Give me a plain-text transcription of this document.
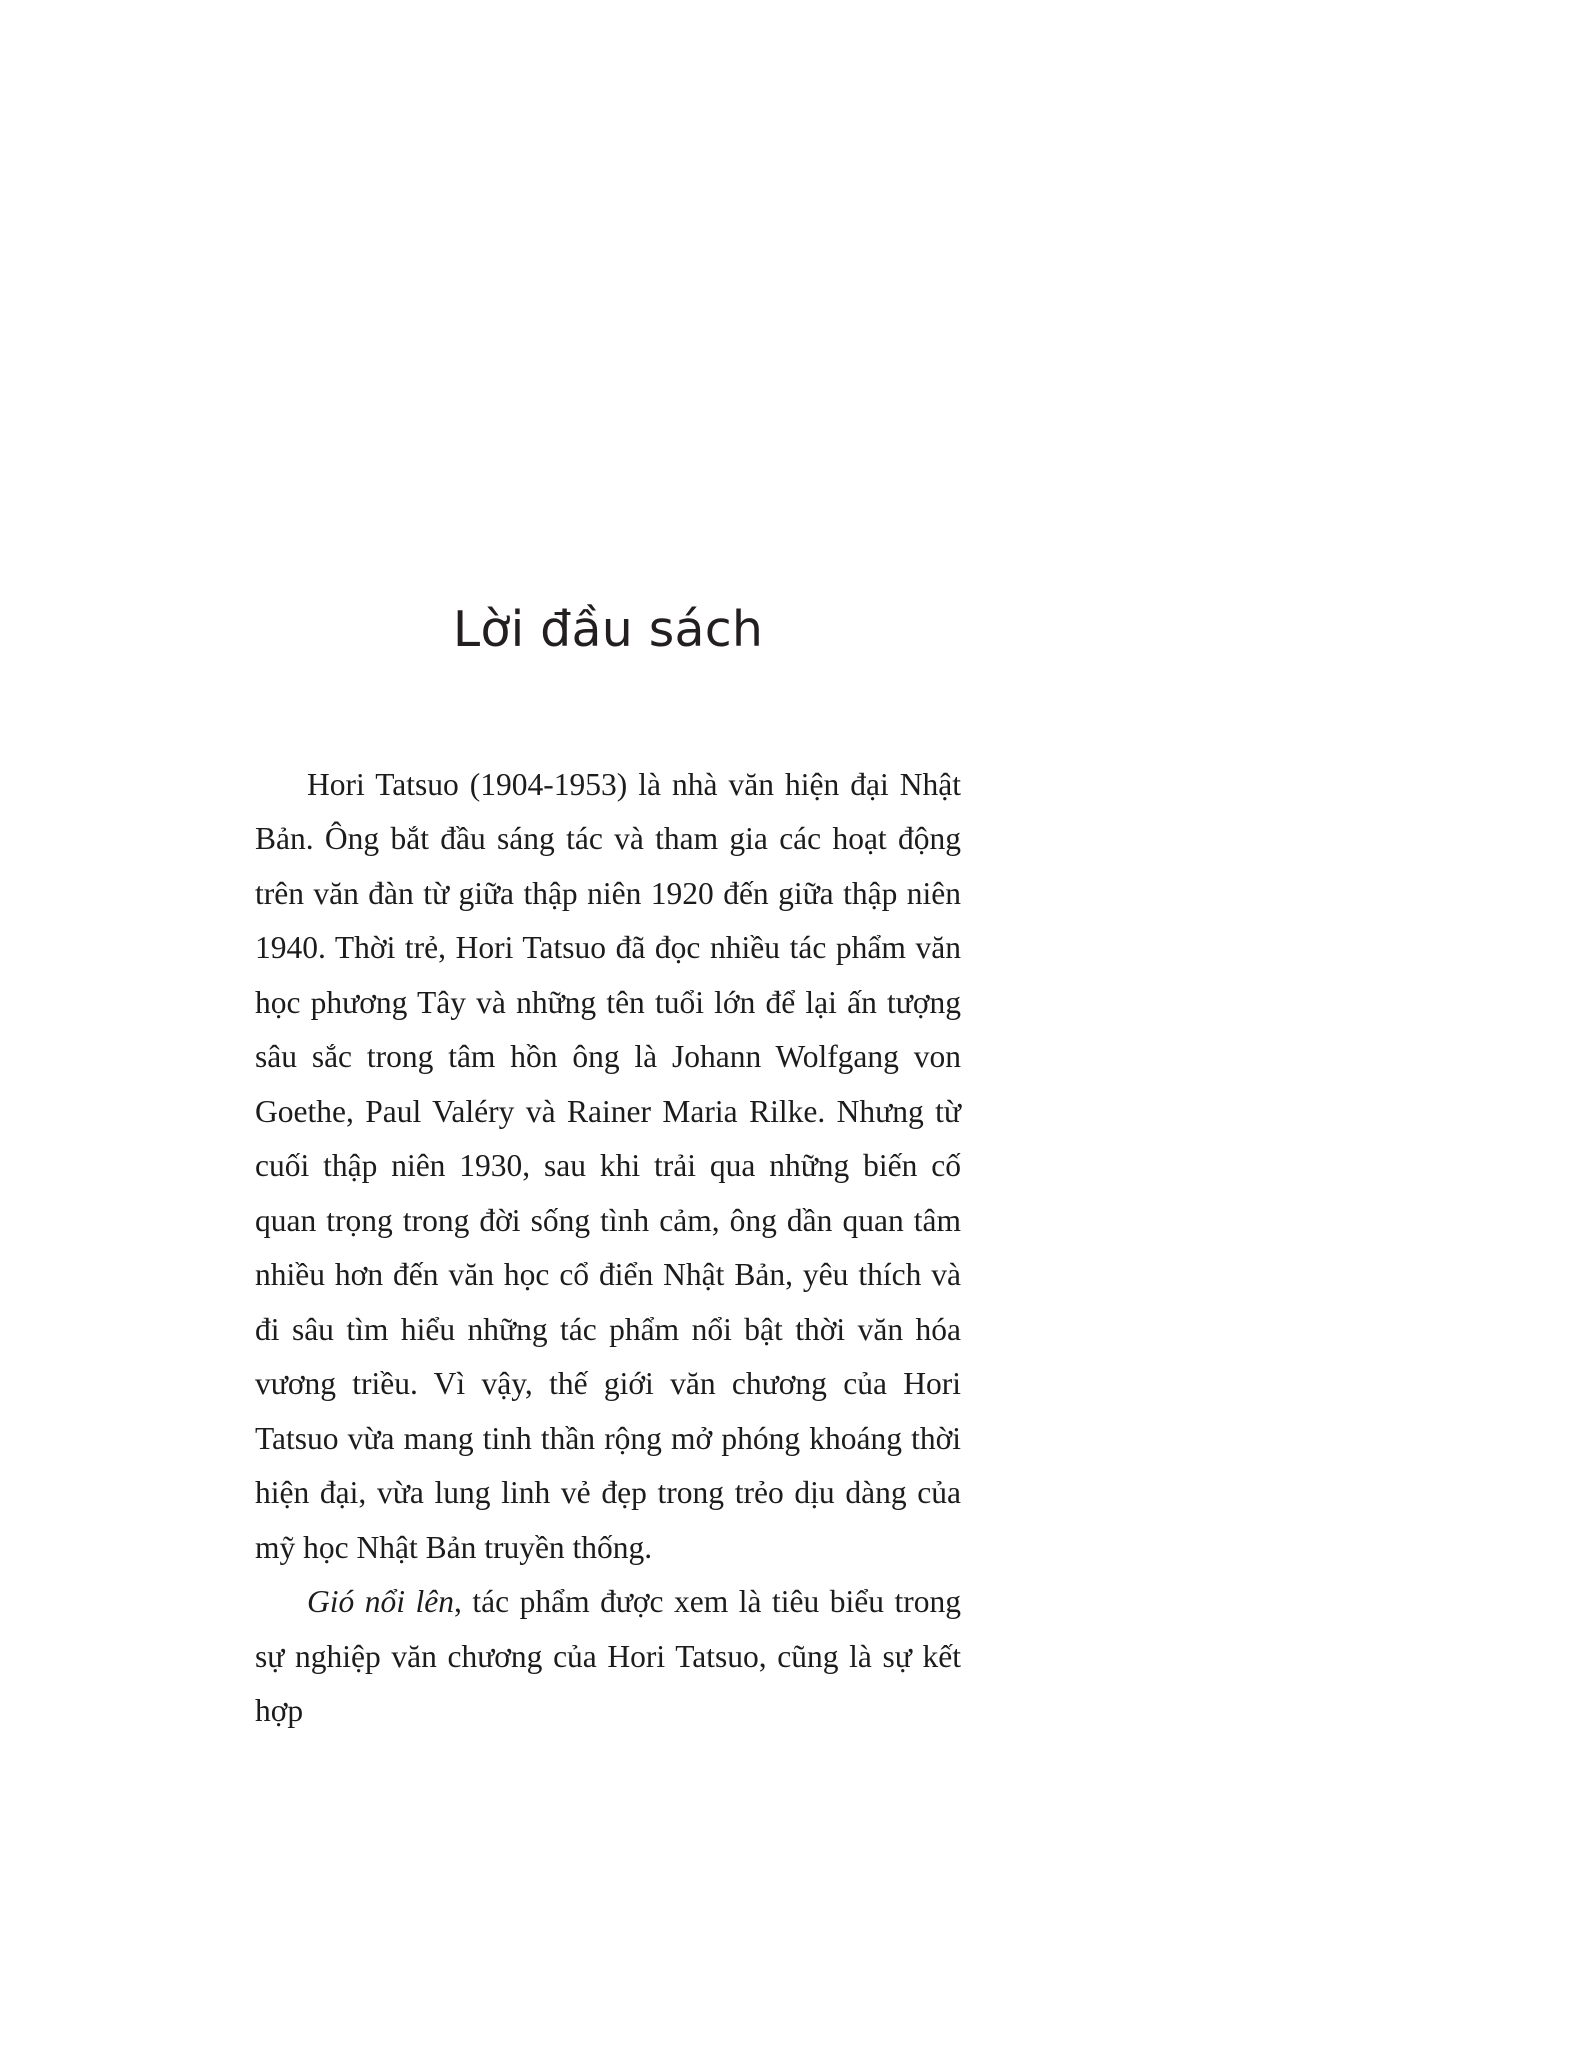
Lời đầu sách

Hori Tatsuo (1904-1953) là nhà văn hiện đại Nhật Bản. Ông bắt đầu sáng tác và tham gia các hoạt động trên văn đàn từ giữa thập niên 1920 đến giữa thập niên 1940. Thời trẻ, Hori Tatsuo đã đọc nhiều tác phẩm văn học phương Tây và những tên tuổi lớn để lại ấn tượng sâu sắc trong tâm hồn ông là Johann Wolfgang von Goethe, Paul Valéry và Rainer Maria Rilke. Nhưng từ cuối thập niên 1930, sau khi trải qua những biến cố quan trọng trong đời sống tình cảm, ông dần quan tâm nhiều hơn đến văn học cổ điển Nhật Bản, yêu thích và đi sâu tìm hiểu những tác phẩm nổi bật thời văn hóa vương triều. Vì vậy, thế giới văn chương của Hori Tatsuo vừa mang tinh thần rộng mở phóng khoáng thời hiện đại, vừa lung linh vẻ đẹp trong trẻo dịu dàng của mỹ học Nhật Bản truyền thống.

Gió nổi lên, tác phẩm được xem là tiêu biểu trong sự nghiệp văn chương của Hori Tatsuo, cũng là sự kết hợp
